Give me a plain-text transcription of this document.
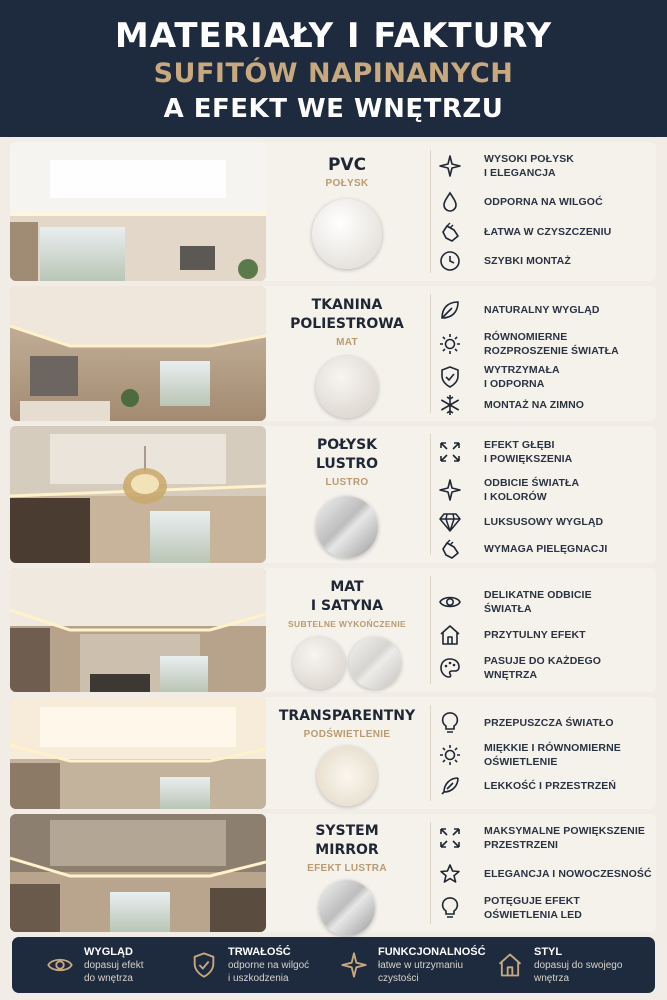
MATERIAŁY I FAKTURY
SUFITÓW NAPINANYCH
A EFEKT WE WNĘTRZU
PVC
POŁYSK
WYSOKI POŁYSK
I ELEGANCJA
ODPORNA NA WILGOĆ
ŁATWA W CZYSZCZENIU
SZYBKI MONTAŻ
TKANINA
POLIESTROWA
MAT
NATURALNY WYGLĄD
RÓWNOMIERNE
ROZPROSZENIE ŚWIATŁA
WYTRZYMAŁA
I ODPORNA
MONTAŻ NA ZIMNO
POŁYSK
LUSTRO
LUSTRO
EFEKT GŁĘBI
I POWIĘKSZENIA
ODBICIE ŚWIATŁA
I KOLORÓW
LUKSUSOWY WYGLĄD
WYMAGA PIELĘGNACJI
MAT
I SATYNA
SUBTELNE WYKOŃCZENIE

DELIKATNE ODBICIE
ŚWIATŁA
PRZYTULNY EFEKT
PASUJE DO KAŻDEGO
WNĘTRZA
TRANSPARENTNY
PODŚWIETLENIE
PRZEPUSZCZA ŚWIATŁO
MIĘKKIE I RÓWNOMIERNE
OŚWIETLENIE
LEKKOŚĆ I PRZESTRZEŃ
SYSTEM
MIRROR
EFEKT LUSTRA
MAKSYMALNE POWIĘKSZENIE
PRZESTRZENI
ELEGANCJA I NOWOCZESNOŚĆ
POTĘGUJE EFEKT
OŚWIETLENIA LED
WYGLĄD
dopasuj efekt
do wnętrza
TRWAŁOŚĆ
odporne na wilgoć
i uszkodzenia
FUNKCJONALNOŚĆ
łatwe w utrzymaniu
czystości
STYL
dopasuj do swojego
wnętrza
